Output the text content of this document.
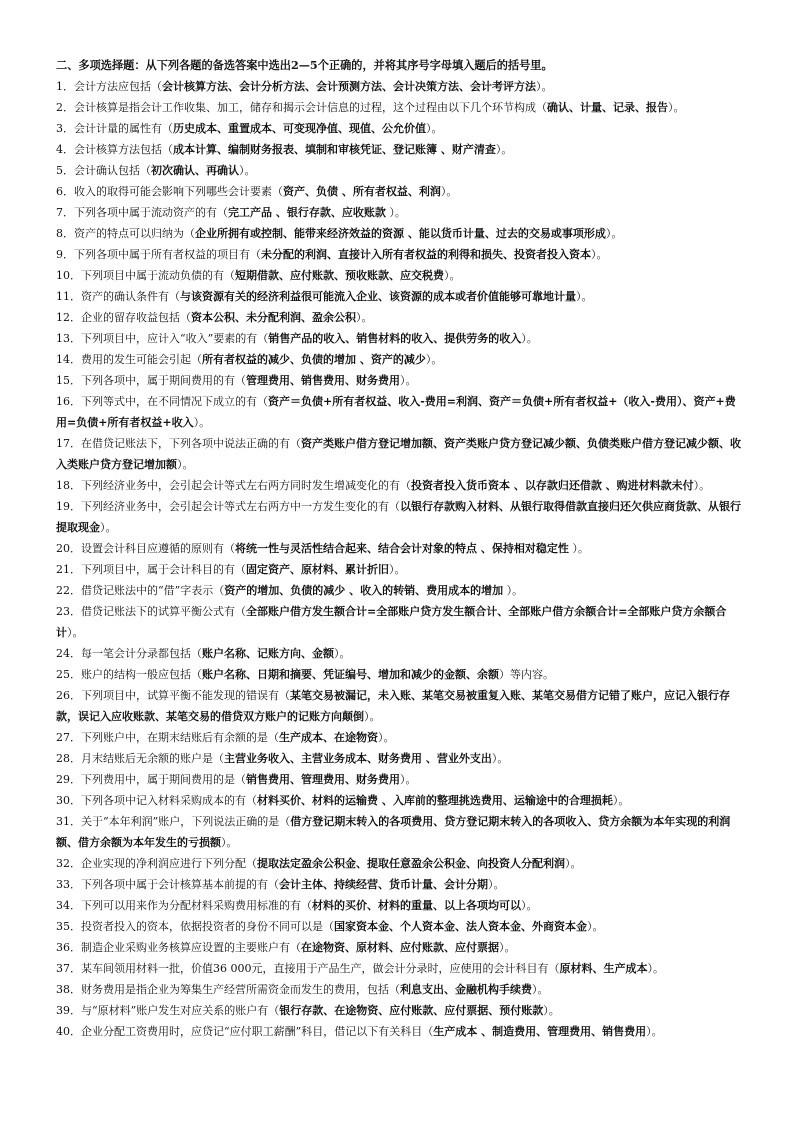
二、多项选择题：从下列各题的备选答案中选出2—5个正确的，并将其序号字母填入题后的括号里。

1．会计方法应包括（会计核算方法、会计分析方法、会计预测方法、会计决策方法、会计考评方法）。

2．会计核算是指会计工作收集、加工，储存和揭示会计信息的过程，这个过程由以下几个环节构成（确认、计量、记录、报告）。

3．会计计量的属性有（历史成本、重置成本、可变现净值、现值、公允价值）。

4．会计核算方法包括（成本计算、编制财务报表、填制和审核凭证、登记账簿 、财产清查）。

5．会计确认包括（初次确认、再确认）。

6．收入的取得可能会影响下列哪些会计要素（资产、负债 、所有者权益、利润）。

7．下列各项中属于流动资产的有（完工产品 、银行存款、应收账款 ）。

8．资产的特点可以归纳为（企业所拥有或控制、能带来经济效益的资源 、能以货币计量、过去的交易或事项形成）。

9．下列各项中属于所有者权益的项目有（未分配的利润、直接计入所有者权益的利得和损失、投资者投入资本）。

10．下列项目中属于流动负债的有（短期借款、应付账款、预收账款、应交税费）。

11．资产的确认条件有（与该资源有关的经济利益很可能流入企业、该资源的成本或者价值能够可靠地计量）。

12．企业的留存收益包括（资本公积、未分配利润、盈余公积）。

13．下列项目中，应计入“收入”要素的有（销售产品的收入、销售材料的收入、提供劳务的收入）。

14．费用的发生可能会引起（所有者权益的减少、负债的增加 、资产的减少）。

15．下列各项中，属于期间费用的有（管理费用、销售费用、财务费用）。

16．下列等式中，在不同情况下成立的有（资产＝负债+所有者权益、收入-费用=利润、资产＝负债+所有者权益+（收入-费用）、资产+费用=负债+所有者权益+收入）。

17．在借贷记账法下，下列各项中说法正确的有（资产类账户借方登记增加额、资产类账户贷方登记减少额、负债类账户借方登记减少额、收入类账户贷方登记增加额）。

18．下列经济业务中，会引起会计等式左右两方同时发生增减变化的有（投资者投入货币资本 、以存款归还借款 、购进材料款未付）。

19．下列经济业务中，会引起会计等式左右两方中一方发生变化的有（以银行存款购入材料、从银行取得借款直接归还欠供应商货款、从银行提取现金）。

20．设置会计科目应遵循的原则有（将统一性与灵活性结合起来、结合会计对象的特点 、保持相对稳定性 ）。

21．下列项目中，属于会计科目的有（固定资产、原材料、累计折旧）。

22．借贷记账法中的“借”字表示（资产的增加、负债的减少 、收入的转销、费用成本的增加 ）。

23．借贷记账法下的试算平衡公式有（全部账户借方发生额合计=全部账户贷方发生额合计、全部账户借方余额合计=全部账户贷方余额合计）。

24．每一笔会计分录都包括（账户名称、记账方向、金额）。

25．账户的结构一般应包括（账户名称、日期和摘要、凭证编号、增加和减少的金额、余额）等内容。

26．下列项目中，试算平衡不能发现的错误有（某笔交易被漏记，未入账、某笔交易被重复入账、某笔交易借方记错了账户，应记入银行存款，误记入应收账款、某笔交易的借贷双方账户的记账方向颠倒）。

27．下列账户中，在期末结账后有余额的是（生产成本、在途物资）。

28．月末结账后无余额的账户是（主营业务收入、主营业务成本、财务费用 、营业外支出）。

29．下列费用中，属于期间费用的是（销售费用、管理费用、财务费用）。

30．下列各项中记入材料采购成本的有（材料买价、材料的运输费 、入库前的整理挑选费用、运输途中的合理损耗）。

31．关于“本年利润”账户，下列说法正确的是（借方登记期末转入的各项费用、贷方登记期末转入的各项收入、贷方余额为本年实现的利润额、借方余额为本年发生的亏损额）。

32．企业实现的净利润应进行下列分配（提取法定盈余公积金、提取任意盈余公积金、向投资人分配利润）。

33．下列各项中属于会计核算基本前提的有（会计主体、持续经营、货币计量、会计分期）。

34．下列可以用来作为分配材料采购费用标准的有（材料的买价、材料的重量、以上各项均可以）。

35．投资者投入的资本，依据投资者的身份不同可以是（国家资本金、个人资本金、法人资本金、外商资本金）。

36．制造企业采购业务核算应设置的主要账户有（在途物资、原材料、应付账款、应付票据）。

37．某车间领用材料一批，价值36 000元，直接用于产品生产，做会计分录时，应使用的会计科目有（原材料、生产成本）。

38．财务费用是指企业为筹集生产经营所需资金而发生的费用，包括（利息支出、金融机构手续费）。

39．与“原材料”账户发生对应关系的账户有（银行存款、在途物资、应付账款、应付票据、预付账款）。

40．企业分配工资费用时，应贷记“应付职工薪酬”科目，借记以下有关科目（生产成本 、制造费用、管理费用、销售费用）。
